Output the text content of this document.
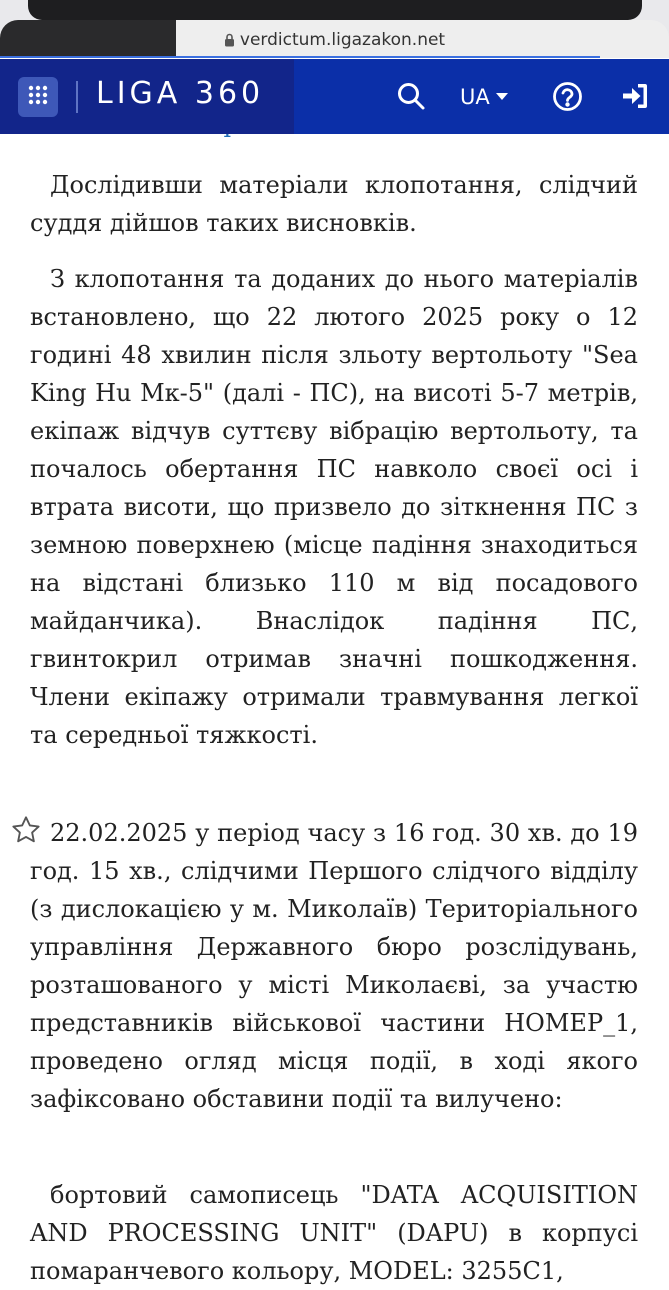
Дослідивши матеріали клопотання, слідчий суддя дійшов таких висновків.

З клопотання та доданих до нього матеріалів встановлено, що 22 лютого 2025 року о 12 годині 48 хвилин після зльоту вертольоту "Sea King Hu Мк-5" (далі - ПС), на висоті 5-7 метрів, екіпаж відчув суттєву вібрацію вертольоту, та почалось обертання ПС навколо своєї осі і втрата висоти, що призвело до зіткнення ПС з земною поверхнею (місце падіння знаходиться на відстані близько 110 м від посадового майданчика). Внаслідок падіння ПС, гвинтокрил отримав значні пошкодження. Члени екіпажу отримали травмування легкої та середньої тяжкості.

22.02.2025 у період часу з 16 год. 30 хв. до 19 год. 15 хв., слідчими Першого слідчого відділу (з дислокацією у м. Миколаїв) Територіального управління Державного бюро розслідувань, розташованого у місті Миколаєві, за участю представників військової частини НОМЕР_1, проведено огляд місця події, в ході якого зафіксовано обставини події та вилучено:

бортовий самописець "DATA ACQUISITION AND PROCESSING UNIT" (DAPU) в корпусі помаранчевого кольору, MODEL: 3255С1,

verdictum.ligazakon.net
LIGA 360	UA
